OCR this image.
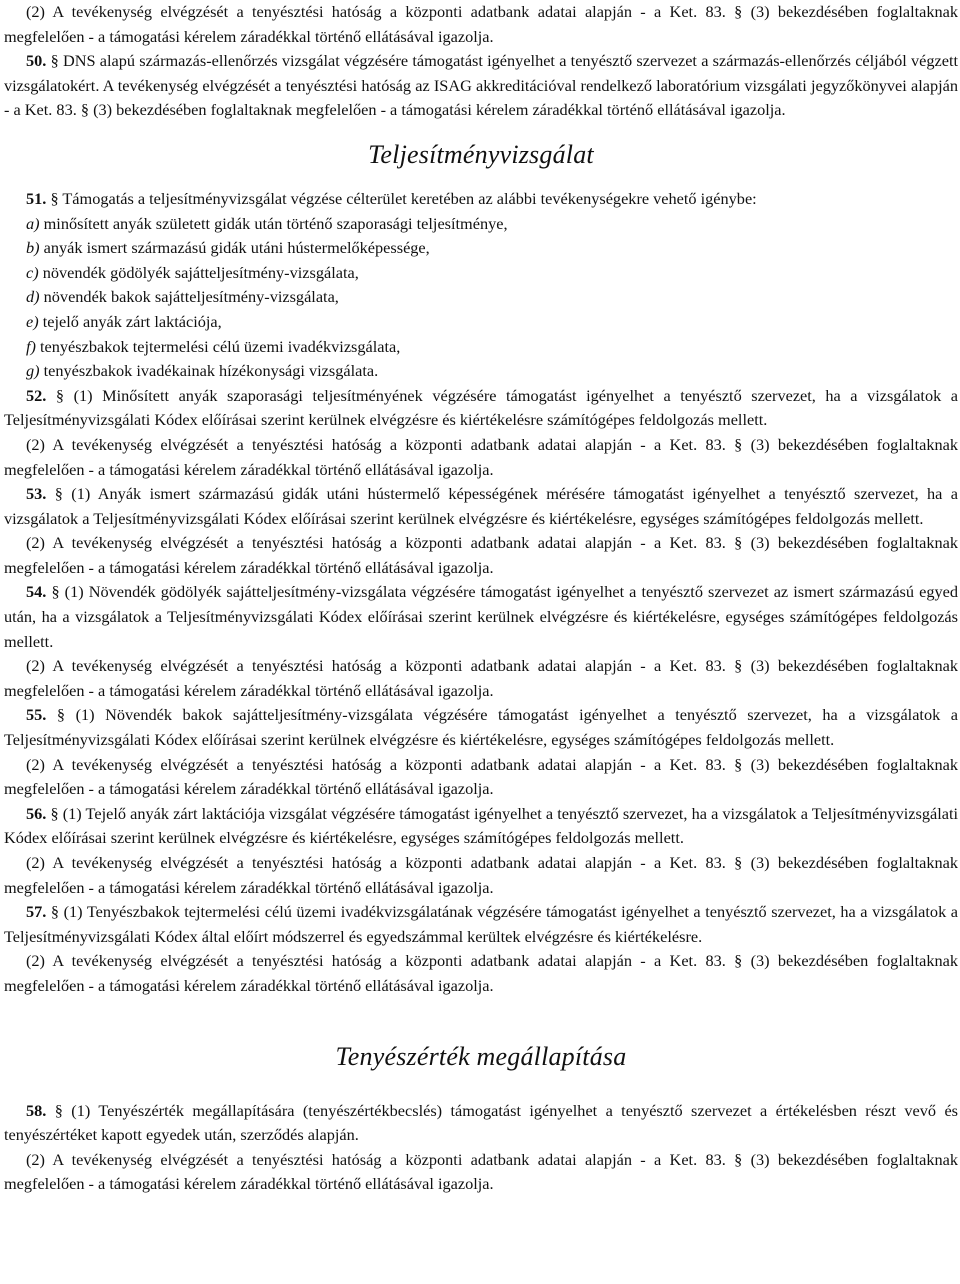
(2) A tevékenység elvégzését a tenyésztési hatóság a központi adatbank adatai alapján - a Ket. 83. § (3) bekezdésében foglaltaknak megfelelően - a támogatási kérelem záradékkal történő ellátásával igazolja.

50. § DNS alapú származás-ellenőrzés vizsgálat végzésére támogatást igényelhet a tenyésztő szervezet a származás-ellenőrzés céljából végzett vizsgálatokért. A tevékenység elvégzését a tenyésztési hatóság az ISAG akkreditációval rendelkező laboratórium vizsgálati jegyzőkönyvei alapján - a Ket. 83. § (3) bekezdésében foglaltaknak megfelelően - a támogatási kérelem záradékkal történő ellátásával igazolja.

Teljesítményvizsgálat

51. § Támogatás a teljesítményvizsgálat végzése célterület keretében az alábbi tevékenységekre vehető igénybe:

a) minősített anyák született gidák után történő szaporasági teljesítménye,

b) anyák ismert származású gidák utáni hústermelőképessége,

c) növendék gödölyék sajátteljesítmény-vizsgálata,

d) növendék bakok sajátteljesítmény-vizsgálata,

e) tejelő anyák zárt laktációja,

f) tenyészbakok tejtermelési célú üzemi ivadékvizsgálata,

g) tenyészbakok ivadékainak hízékonysági vizsgálata.

52. § (1) Minősített anyák szaporasági teljesítményének végzésére támogatást igényelhet a tenyésztő szervezet, ha a vizsgálatok a Teljesítményvizsgálati Kódex előírásai szerint kerülnek elvégzésre és kiértékelésre számítógépes feldolgozás mellett.

(2) A tevékenység elvégzését a tenyésztési hatóság a központi adatbank adatai alapján - a Ket. 83. § (3) bekezdésében foglaltaknak megfelelően - a támogatási kérelem záradékkal történő ellátásával igazolja.

53. § (1) Anyák ismert származású gidák utáni hústermelő képességének mérésére támogatást igényelhet a tenyésztő szervezet, ha a vizsgálatok a Teljesítményvizsgálati Kódex előírásai szerint kerülnek elvégzésre és kiértékelésre, egységes számítógépes feldolgozás mellett.

(2) A tevékenység elvégzését a tenyésztési hatóság a központi adatbank adatai alapján - a Ket. 83. § (3) bekezdésében foglaltaknak megfelelően - a támogatási kérelem záradékkal történő ellátásával igazolja.

54. § (1) Növendék gödölyék sajátteljesítmény-vizsgálata végzésére támogatást igényelhet a tenyésztő szervezet az ismert származású egyed után, ha a vizsgálatok a Teljesítményvizsgálati Kódex előírásai szerint kerülnek elvégzésre és kiértékelésre, egységes számítógépes feldolgozás mellett.

(2) A tevékenység elvégzését a tenyésztési hatóság a központi adatbank adatai alapján - a Ket. 83. § (3) bekezdésében foglaltaknak megfelelően - a támogatási kérelem záradékkal történő ellátásával igazolja.

55. § (1) Növendék bakok sajátteljesítmény-vizsgálata végzésére támogatást igényelhet a tenyésztő szervezet, ha a vizsgálatok a Teljesítményvizsgálati Kódex előírásai szerint kerülnek elvégzésre és kiértékelésre, egységes számítógépes feldolgozás mellett.

(2) A tevékenység elvégzését a tenyésztési hatóság a központi adatbank adatai alapján - a Ket. 83. § (3) bekezdésében foglaltaknak megfelelően - a támogatási kérelem záradékkal történő ellátásával igazolja.

56. § (1) Tejelő anyák zárt laktációja vizsgálat végzésére támogatást igényelhet a tenyésztő szervezet, ha a vizsgálatok a Teljesítményvizsgálati Kódex előírásai szerint kerülnek elvégzésre és kiértékelésre, egységes számítógépes feldolgozás mellett.

(2) A tevékenység elvégzését a tenyésztési hatóság a központi adatbank adatai alapján - a Ket. 83. § (3) bekezdésében foglaltaknak megfelelően - a támogatási kérelem záradékkal történő ellátásával igazolja.

57. § (1) Tenyészbakok tejtermelési célú üzemi ivadékvizsgálatának végzésére támogatást igényelhet a tenyésztő szervezet, ha a vizsgálatok a Teljesítményvizsgálati Kódex által előírt módszerrel és egyedszámmal kerültek elvégzésre és kiértékelésre.

(2) A tevékenység elvégzését a tenyésztési hatóság a központi adatbank adatai alapján - a Ket. 83. § (3) bekezdésében foglaltaknak megfelelően - a támogatási kérelem záradékkal történő ellátásával igazolja.

Tenyészérték megállapítása

58. § (1) Tenyészérték megállapítására (tenyészértékbecslés) támogatást igényelhet a tenyésztő szervezet a értékelésben részt vevő és tenyészértéket kapott egyedek után, szerződés alapján.

(2) A tevékenység elvégzését a tenyésztési hatóság a központi adatbank adatai alapján - a Ket. 83. § (3) bekezdésében foglaltaknak megfelelően - a támogatási kérelem záradékkal történő ellátásával igazolja.
